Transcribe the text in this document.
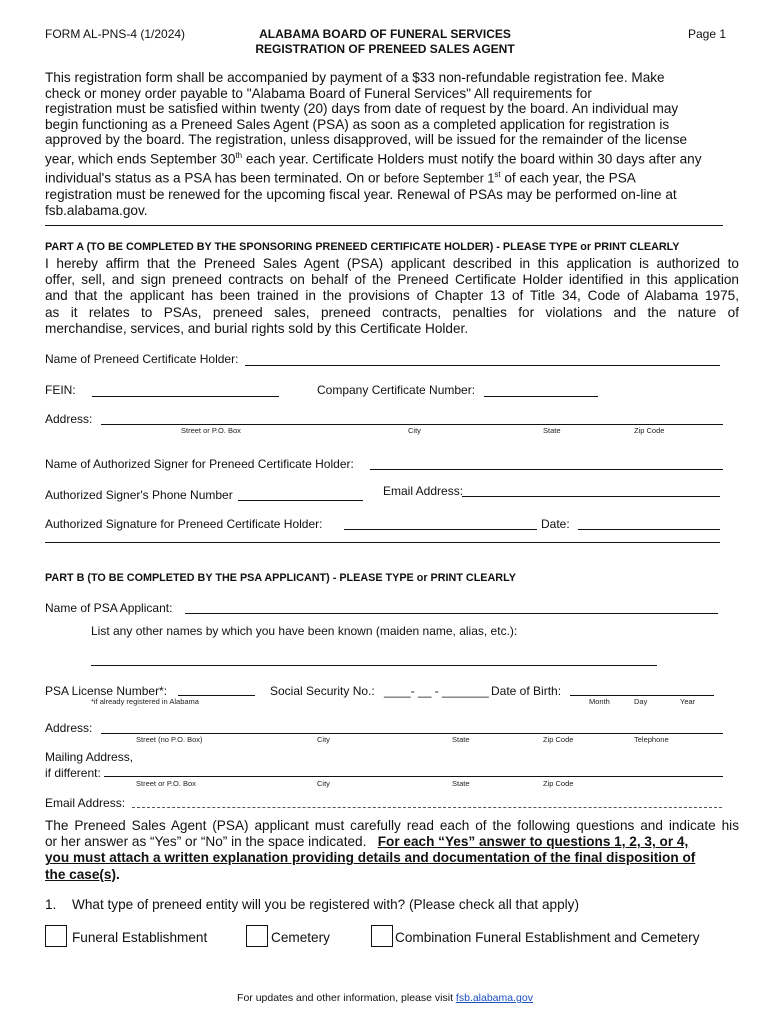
FORM AL-PNS-4 (1/2024)	ALABAMA BOARD OF FUNERAL SERVICES
REGISTRATION OF PRENEED SALES AGENT
Page 1
This registration form shall be accompanied by payment of a $33 non-refundable registration fee. Make
check or money order payable to "Alabama Board of Funeral Services" All requirements for
registration must be satisfied within twenty (20) days from date of request by the board. An individual may
begin functioning as a Preneed Sales Agent (PSA) as soon as a completed application for registration is
approved by the board. The registration, unless disapproved, will be issued for the remainder of the license
year, which ends September 30th each year. Certificate Holders must notify the board within 30 days after any
individual's status as a PSA has been terminated. On or before September 1st of each year, the PSA
registration must be renewed for the upcoming fiscal year. Renewal of PSAs may be performed on-line at
fsb.alabama.gov.
PART A (TO BE COMPLETED BY THE SPONSORING PRENEED CERTIFICATE HOLDER) - PLEASE TYPE or PRINT CLEARLY
I hereby affirm that the Preneed Sales Agent (PSA) applicant described in this application is authorized to
offer, sell, and sign preneed contracts on behalf of the Preneed Certificate Holder identified in this application
and that the applicant has been trained in the provisions of Chapter 13 of Title 34, Code of Alabama 1975,
as it relates to PSAs, preneed sales, preneed contracts, penalties for violations and the nature of
merchandise, services, and burial rights sold by this Certificate Holder.
Name of Preneed Certificate Holder:
FEIN:	Company Certificate Number:
Address:
Street or P.O. Box	City	State	Zip Code
Name of Authorized Signer for Preneed Certificate Holder:
Authorized Signer's Phone Number	Email Address:
Authorized Signature for Preneed Certificate Holder:	Date:
PART B (TO BE COMPLETED BY THE PSA APPLICANT) - PLEASE TYPE or PRINT CLEARLY
Name of PSA Applicant:
List any other names by which you have been known (maiden name, alias, etc.):
PSA License Number*:
*if already registered in Alabama
Social Security No.: ____- __ - _______ Date of Birth:
Month	Day	Year
Address:
Street (no P.O. Box)	City	State	Zip Code	Telephone
Mailing Address,
if different:
Street or P.O. Box	City	State	Zip Code
Email Address:
The Preneed Sales Agent (PSA) applicant must carefully read each of the following questions and indicate his
or her answer as “Yes” or “No” in the space indicated. For each “Yes” answer to questions 1, 2, 3, or 4,
you must attach a written explanation providing details and documentation of the final disposition of
the case(s).
1. What type of preneed entity will you be registered with? (Please check all that apply)
Funeral Establishment	Cemetery	Combination Funeral Establishment and Cemetery
For updates and other information, please visit fsb.alabama.gov
